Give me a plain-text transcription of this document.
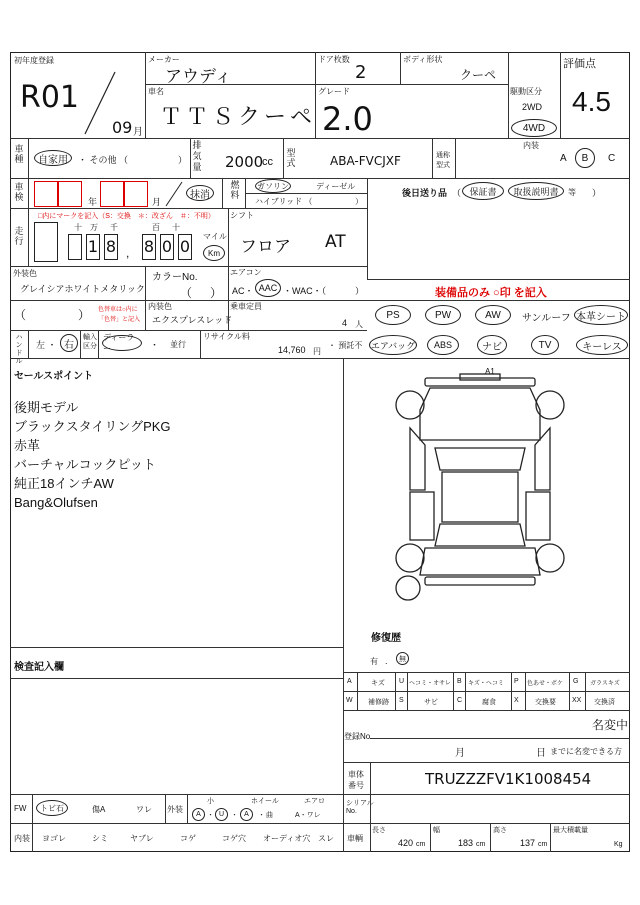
初年度登録
R01
09 月
メーカー
アウディ
ドア枚数
2
ボディ形状
クーペ
評価点
4.5
駆動区分
2WD
4WD
車名
ＴＴＳクーペ
グレード
2.0
車種 自家用 ・ その他 （	）
排気量 2000
cc
型式	ABA-FVCJXF	通称型式
内装
A B C
車検	年	月
抹消
燃料
ガソリン	ディーゼル
ハイブリッド （	）
後日送り品 （ 保証書 取扱説明書 等 ）
走行
□内にマークを記入（S：交換　＊：改ざん　＃：不明）
十 万 千	百 十
1 8 , 8 0 0
マイル
Km
シフト
フロア AT
外装色
グレイシアホワイトメタリック
カラーNo.
（ ）
エアコン
AC・ AAC ・WAC・（	）	装備品のみ ○印 を記入
（	） 色替車は○内に
「色替」と記入
内装色
エクスプレスレッド
乗車定員
4 人
PS	PW	AW サンルーフ 本革シート
ハンドル
左 ・ 右
輸入区分
ディーラー	・ 並行
リサイクル料
14,760 円
・ 預託不 エアバッグ ABS	ナビ	TV	キーレス
セールスポイント
後期モデル
ブラックスタイリングPKG
赤革
バーチャルコックピット
純正18インチAW
Bang&Olufsen
A1
修復歴
有 ． 無
検査記入欄
A	キズ U ヘコミ・オサレ B キズ・ヘコミ P 色あせ・ボケ G ガラスキズ
W 補修跡 S	サビ	C	腐食	X 交換要 XX 交換済
名変中
登録No.
月	日 までに名変できる方
車体
番号	TRUZZZFV1K1008454
FW トビ石	傷A	ワレ 外装
小	ホイール	エアロ
A ・ U ・ A ・ 曲	A・ワレ
シリアル
No.
内装 ヨゴレ	シミ	ヤブレ	コゲ	コゲ穴 オーディオ穴 スレ 車輌
長さ
420 cm
幅
183 cm
高さ
137 cm
最大積載量
Kg
